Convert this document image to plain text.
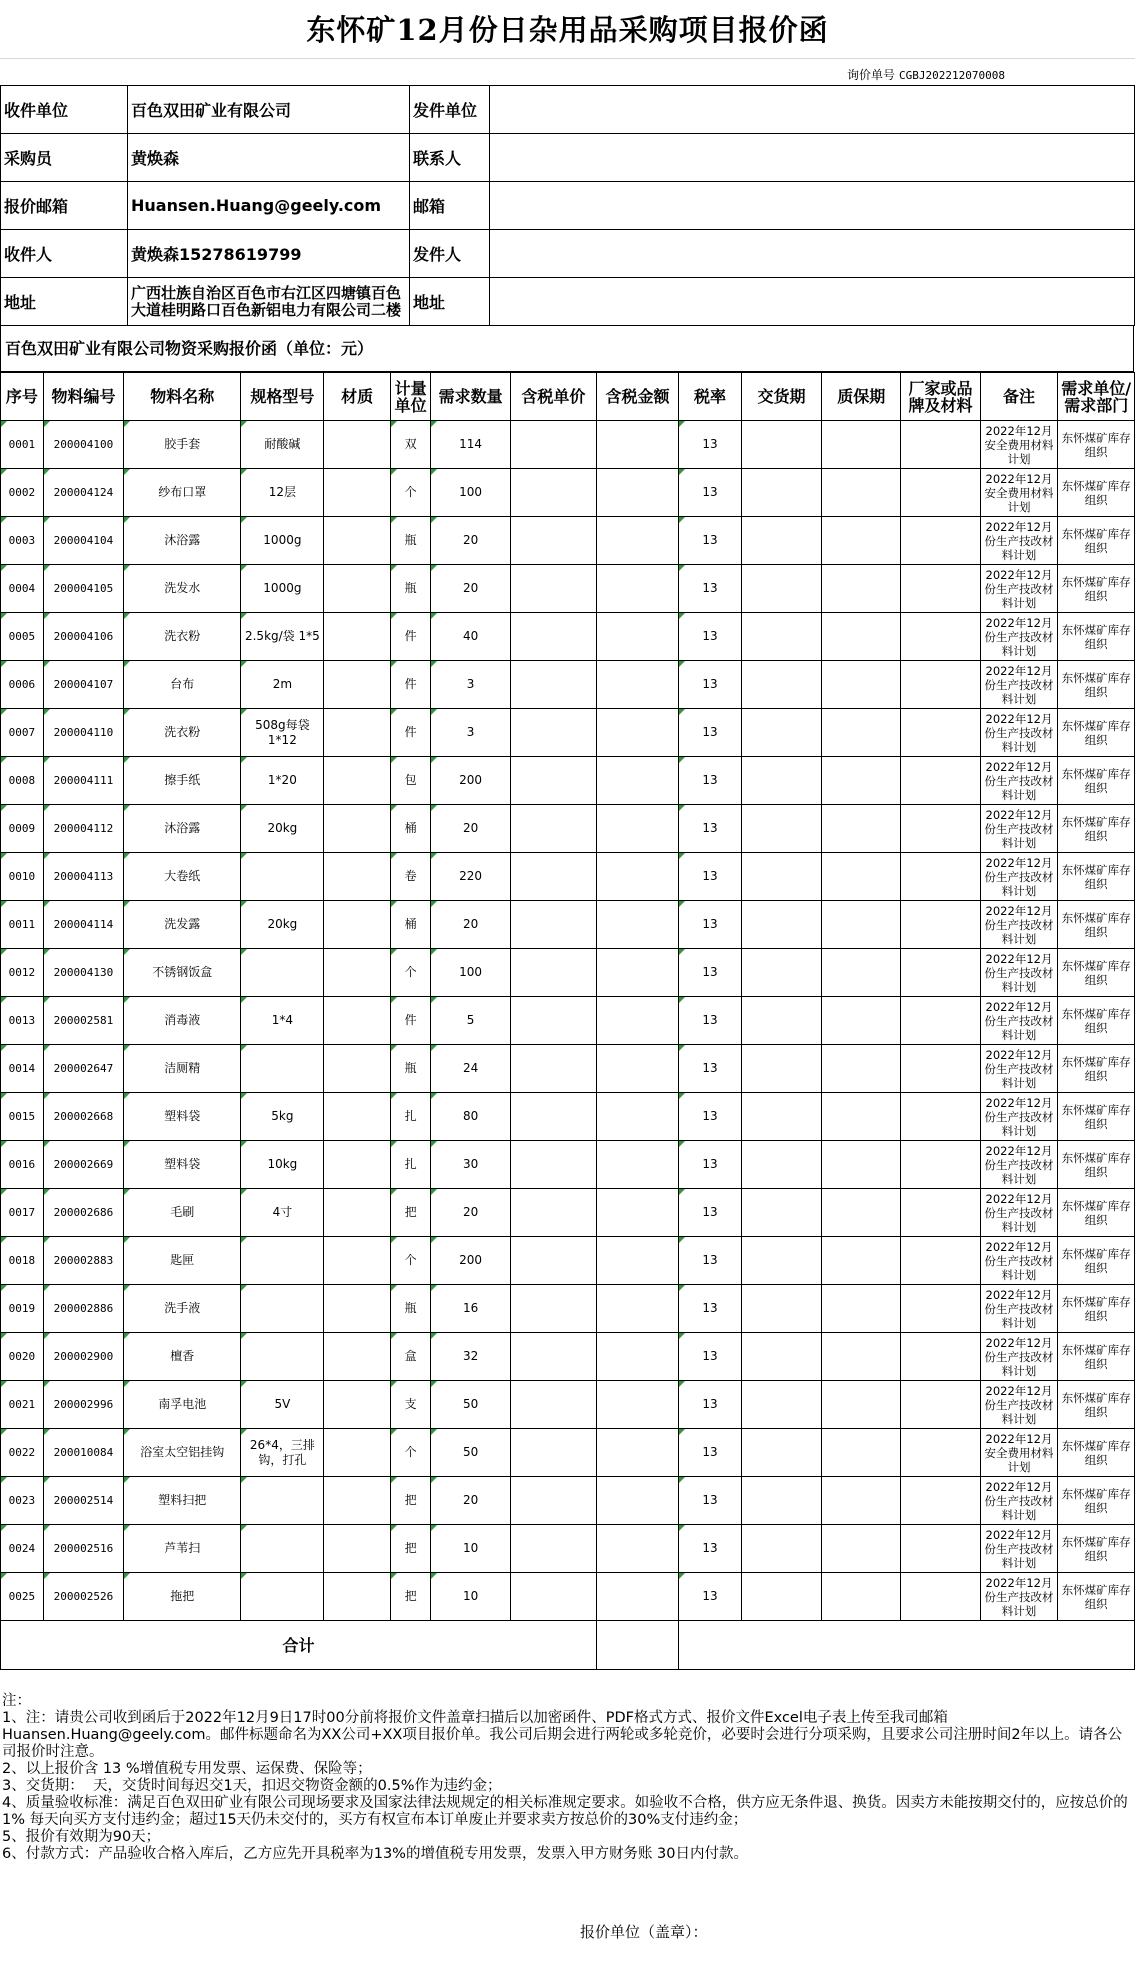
东怀矿12月份日杂用品采购项目报价函
询价单号 CGBJ202212070008
收件单位	百色双田矿业有限公司	发件单位	
采购员	黄焕森	联系人	
报价邮箱	Huansen.Huang@geely.com	邮箱	
收件人	黄焕森15278619799	发件人	
地址	广西壮族自治区百色市右江区四塘镇百色大道桂明路口百色新铝电力有限公司二楼	地址	
百色双田矿业有限公司物资采购报价函（单位：元）
序号	物料编号	物料名称	规格型号	材质	计量单位	需求数量	含税单价	含税金额	税率	交货期	质保期	厂家或品牌及材料	备注	需求单位/需求部门
0001	200004100	胶手套	耐酸碱		双	114			13				2022年12月安全费用材料计划	东怀煤矿库存组织
0002	200004124	纱布口罩	12层		个	100			13				2022年12月安全费用材料计划	东怀煤矿库存组织
0003	200004104	沐浴露	1000g		瓶	20			13				2022年12月份生产技改材料计划	东怀煤矿库存组织
0004	200004105	洗发水	1000g		瓶	20			13				2022年12月份生产技改材料计划	东怀煤矿库存组织
0005	200004106	洗衣粉	2.5kg/袋 1*5		件	40			13				2022年12月份生产技改材料计划	东怀煤矿库存组织
0006	200004107	台布	2m		件	3			13				2022年12月份生产技改材料计划	东怀煤矿库存组织
0007	200004110	洗衣粉	508g每袋 1*12		件	3			13				2022年12月份生产技改材料计划	东怀煤矿库存组织
0008	200004111	擦手纸	1*20		包	200			13				2022年12月份生产技改材料计划	东怀煤矿库存组织
0009	200004112	沐浴露	20kg		桶	20			13				2022年12月份生产技改材料计划	东怀煤矿库存组织
0010	200004113	大卷纸			卷	220			13				2022年12月份生产技改材料计划	东怀煤矿库存组织
0011	200004114	洗发露	20kg		桶	20			13				2022年12月份生产技改材料计划	东怀煤矿库存组织
0012	200004130	不锈钢饭盒			个	100			13				2022年12月份生产技改材料计划	东怀煤矿库存组织
0013	200002581	消毒液	1*4		件	5			13				2022年12月份生产技改材料计划	东怀煤矿库存组织
0014	200002647	洁厕精			瓶	24			13				2022年12月份生产技改材料计划	东怀煤矿库存组织
0015	200002668	塑料袋	5kg		扎	80			13				2022年12月份生产技改材料计划	东怀煤矿库存组织
0016	200002669	塑料袋	10kg		扎	30			13				2022年12月份生产技改材料计划	东怀煤矿库存组织
0017	200002686	毛刷	4寸		把	20			13				2022年12月份生产技改材料计划	东怀煤矿库存组织
0018	200002883	匙匣			个	200			13				2022年12月份生产技改材料计划	东怀煤矿库存组织
0019	200002886	洗手液			瓶	16			13				2022年12月份生产技改材料计划	东怀煤矿库存组织
0020	200002900	檀香			盒	32			13				2022年12月份生产技改材料计划	东怀煤矿库存组织
0021	200002996	南孚电池	5V		支	50			13				2022年12月份生产技改材料计划	东怀煤矿库存组织
0022	200010084	浴室太空铝挂钩	26*4，三排钩，打孔		个	50			13				2022年12月安全费用材料计划	东怀煤矿库存组织
0023	200002514	塑料扫把			把	20			13				2022年12月份生产技改材料计划	东怀煤矿库存组织
0024	200002516	芦苇扫			把	10			13				2022年12月份生产技改材料计划	东怀煤矿库存组织
0025	200002526	拖把			把	10			13				2022年12月份生产技改材料计划	东怀煤矿库存组织
合计														
注：
1、注：请贵公司收到函后于2022年12月9日17时00分前将报价文件盖章扫描后以加密函件、PDF格式方式、报价文件Excel电子表上传至我司邮箱Huansen.Huang@geely.com。邮件标题命名为XX公司+XX项目报价单。我公司后期会进行两轮或多轮竞价，必要时会进行分项采购，且要求公司注册时间2年以上。请各公司报价时注意。
2、以上报价含 13 %增值税专用发票、运保费、保险等；
3、交货期：  天，交货时间每迟交1天，扣迟交物资金额的0.5%作为违约金；
4、质量验收标准：满足百色双田矿业有限公司现场要求及国家法律法规规定的相关标准规定要求。如验收不合格，供方应无条件退、换货。因卖方未能按期交付的，应按总价的1% 每天向买方支付违约金；超过15天仍未交付的，买方有权宣布本订单废止并要求卖方按总价的30%支付违约金；
5、报价有效期为90天；
6、付款方式：产品验收合格入库后，乙方应先开具税率为13%的增值税专用发票，发票入甲方财务账 30日内付款。
报价单位（盖章）：
